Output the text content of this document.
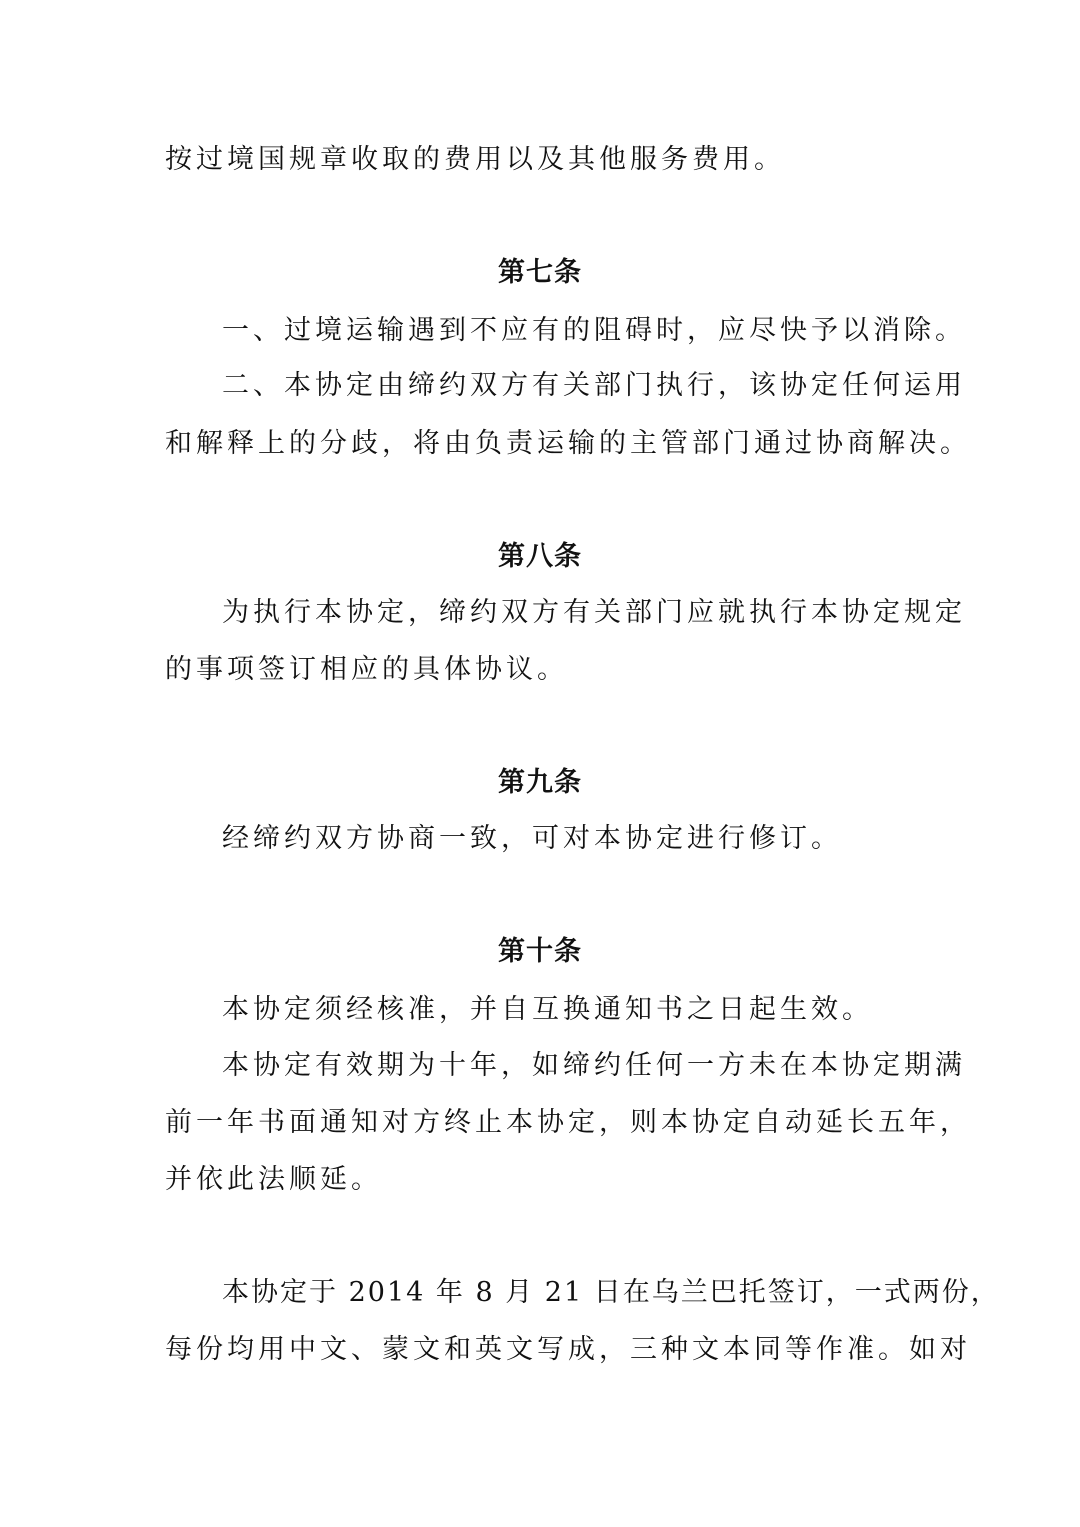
按过境国规章收取的费用以及其他服务费用。
第七条
一、过境运输遇到不应有的阻碍时，应尽快予以消除。
二、本协定由缔约双方有关部门执行，该协定任何运用
和解释上的分歧，将由负责运输的主管部门通过协商解决。
第八条
为执行本协定，缔约双方有关部门应就执行本协定规定
的事项签订相应的具体协议。
第九条
经缔约双方协商一致，可对本协定进行修订。
第十条
本协定须经核准，并自互换通知书之日起生效。
本协定有效期为十年，如缔约任何一方未在本协定期满
前一年书面通知对方终止本协定，则本协定自动延长五年，
并依此法顺延。
本协定于 2014 年 8 月 21 日在乌兰巴托签订，一式两份，
每份均用中文、蒙文和英文写成，三种文本同等作准。如对
